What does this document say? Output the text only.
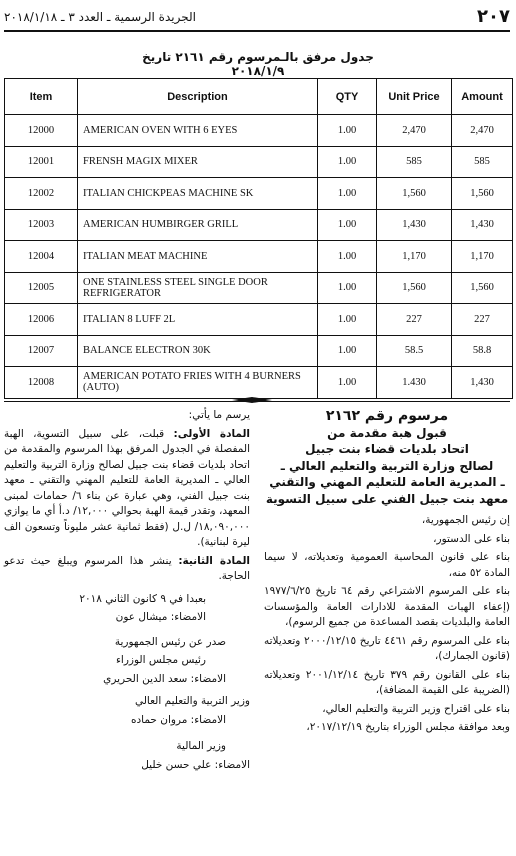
٢٠٧
الجريدة الرسمية ـ العدد ٣ ـ ٢٠١٨/١/١٨
جدول مرفق بالـمرسوم رقم ٢١٦١ تاريخ ٢٠١٨/١/٩
Item	Description	QTY	Unit Price	Amount
12000	AMERICAN OVEN WITH 6 EYES	1.00	2,470	2,470
12001	FRENSH MAGIX MIXER	1.00	585	585
12002	ITALIAN CHICKPEAS MACHINE SK	1.00	1,560	1,560
12003	AMERICAN HUMBIRGER GRILL	1.00	1,430	1,430
12004	ITALIAN MEAT MACHINE	1.00	1,170	1,170
12005	ONE STAINLESS STEEL SINGLE DOOR REFRIGERATOR	1.00	1,560	1,560
12006	ITALIAN 8 LUFF 2L	1.00	227	227
12007	BALANCE ELECTRON 30K	1.00	58.5	58.8
12008	AMERICAN POTATO FRIES WITH 4 BURNERS (AUTO)	1.00	1.430	1,430
مرسوم رقم ٢١٦٢
قبول هبة مقدمة من
اتحاد بلديات قضاء بنت جبيل
لصالح وزارة التربية والتعليم العالي ـ
ـ المديرية العامة للتعليم المهني والتقني
معهد بنت جبيل الفني على سبيل التسوية

إن رئيس الجمهورية،

بناء على الدستور،

بناء على قانون المحاسبة العمومية وتعديلاته، لا سيما المادة ٥٢ منه،

بناء على المرسوم الاشتراعي رقم ٦٤ تاريخ ١٩٧٧/٦/٢٥ (إعفاء الهبات المقدمة للادارات العامة والمؤسسات العامة والبلديات بقصد المساعدة من جميع الرسوم)،

بناء على المرسوم رقم ٤٤٦١ تاريخ ٢٠٠٠/١٢/١٥ وتعديلاته (قانون الجمارك)،

بناء على القانون رقم ٣٧٩ تاريخ ٢٠٠١/١٢/١٤ وتعديلاته (الضريبة على القيمة المضافة)،

بناء على اقتراح وزير التربية والتعليم العالي،

وبعد موافقة مجلس الوزراء بتاريخ ٢٠١٧/١٢/١٩،

يرسم ما يأتي:

المادة الأولى: قبلت، على سبيل التسوية، الهبة المفصلة في الجدول المرفق بهذا المرسوم والمقدمة من اتحاد بلديات قضاء بنت جبيل لصالح وزارة التربية والتعليم العالي ـ المديرية العامة للتعليم المهني والتقني ـ معهد بنت جبيل الفني، وهي عبارة عن بناء ٦/ حمامات لمبنى المعهد، وتقدر قيمة الهبة بحوالي ١٢,٠٠٠/ د.أ أي ما يوازي ١٨,٠٩٠,٠٠٠/ ل.ل (فقط ثمانية عشر مليوناً وتسعون الف ليرة لبنانية).

المادة الثانية: ينشر هذا المرسوم ويبلغ حيث تدعو الحاجة.

بعبدا في ٩ كانون الثاني ٢٠١٨

الامضاء: ميشال عون

صدر عن رئيس الجمهورية

رئيس مجلس الوزراء

الامضاء: سعد الدين الحريري

وزير التربية والتعليم العالي

الامضاء: مروان حماده

وزير المالية

الامضاء: علي حسن خليل
